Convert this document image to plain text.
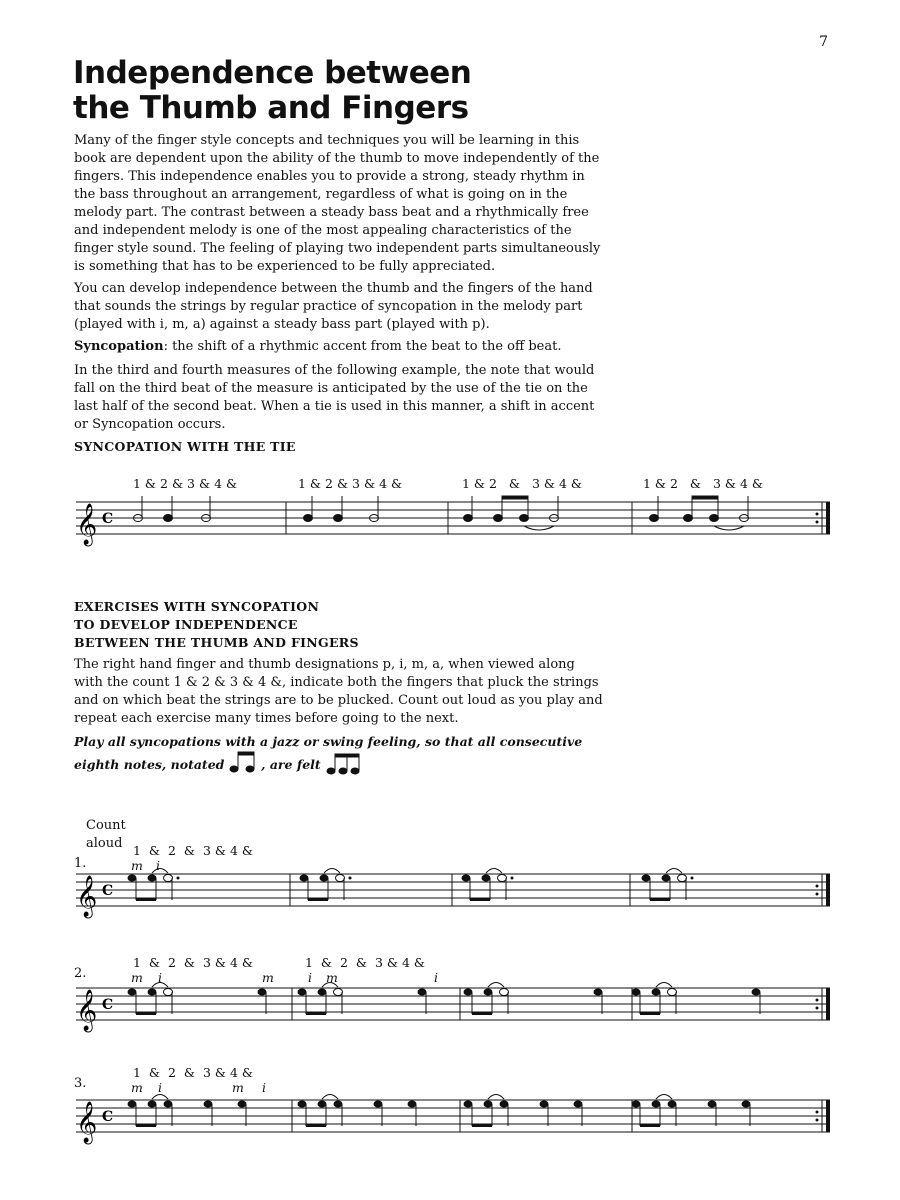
7
Independence between
the Thumb and Fingers

Many of the finger style concepts and techniques you will be learning in this book are dependent upon the ability of the thumb to move independently of the fingers. This independence enables you to provide a strong, steady rhythm in the bass throughout an arrangement, regardless of what is going on in the melody part. The contrast between a steady bass beat and a rhythmically free and independent melody is one of the most appealing characteristics of the finger style sound. The feeling of playing two independent parts simultaneously is something that has to be experienced to be fully appreciated.

You can develop independence between the thumb and the fingers of the hand that sounds the strings by regular practice of syncopation in the melody part (played with i, m, a) against a steady bass part (played with p).

Syncopation: the shift of a rhythmic accent from the beat to the off beat.

In the third and fourth measures of the following example, the note that would fall on the third beat of the measure is anticipated by the use of the tie on the last half of the second beat. When a tie is used in this manner, a shift in accent or Syncopation occurs.

SYNCOPATION WITH THE TIE
1 & 2 & 3 & 4 &	1 & 2 & 3 & 4 &	1 & 2   &   3 & 4 &	1 & 2   &   3 & 4 &
𝄞 C
EXERCISES WITH SYNCOPATION
TO DEVELOP INDEPENDENCE
BETWEEN THE THUMB AND FINGERS

The right hand finger and thumb designations p, i, m, a, when viewed along with the count 1 & 2 & 3 & 4 &, indicate both the fingers that pluck the strings and on which beat the strings are to be plucked. Count out loud as you play and repeat each exercise many times before going to the next.

Play all syncopations with a jazz or swing feeling, so that all consecutive
eighth notes, notated	, are felt
Count
aloud
1.
1  &  2  &  3 & 4 &
m i
𝄞 C
2.
1  &  2  &  3 & 4 &	1  &  2  &  3 & 4 &
m i	m	i m	i
𝄞 C
3.
1  &  2  &  3 & 4 &
m i	m i
𝄞 C
